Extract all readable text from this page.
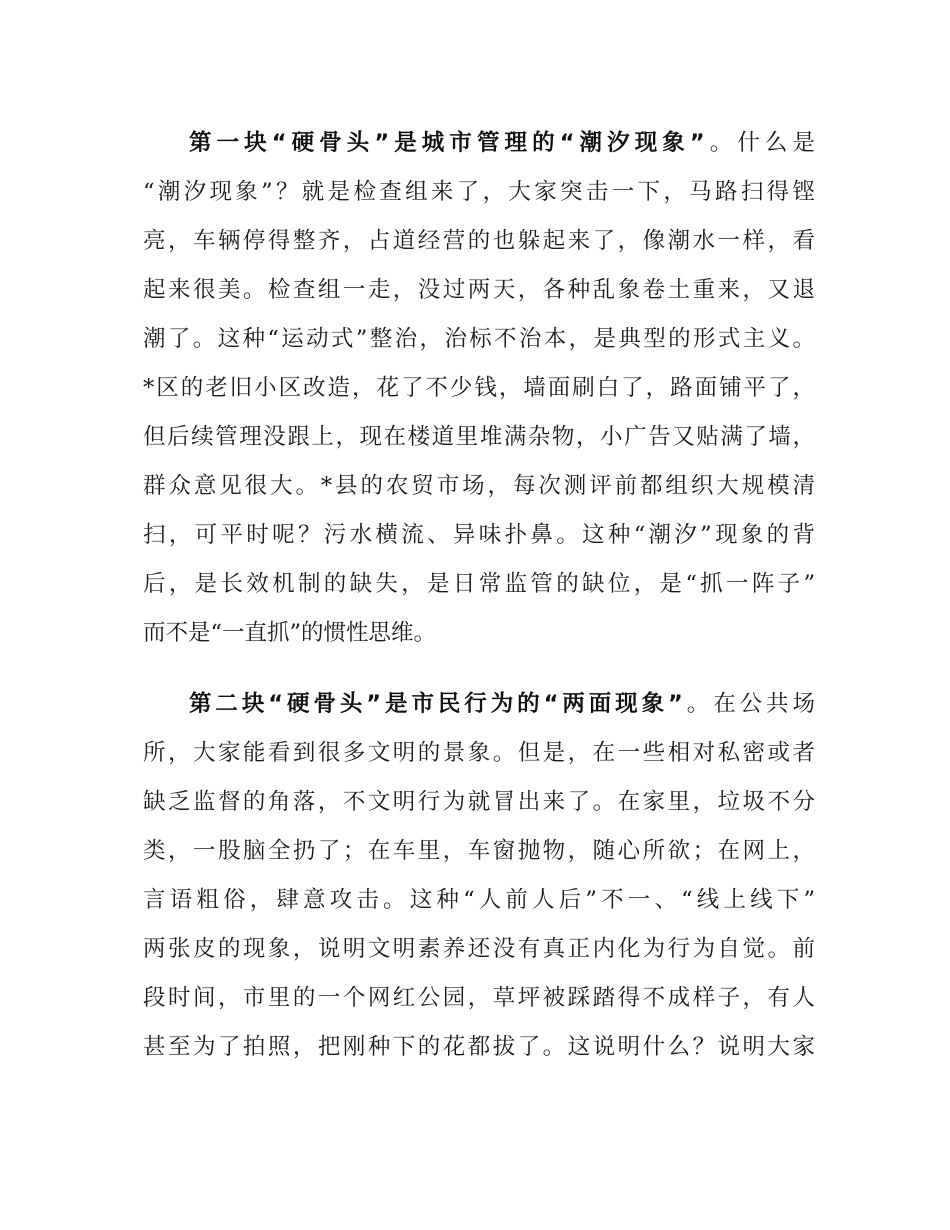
第一块“硬骨头”是城市管理的“潮汐现象”。什么是
“潮汐现象”？就是检查组来了，大家突击一下，马路扫得铿
亮，车辆停得整齐，占道经营的也躲起来了，像潮水一样，看
起来很美。检查组一走，没过两天，各种乱象卷土重来，又退
潮了。这种“运动式”整治，治标不治本，是典型的形式主义。
*区的老旧小区改造，花了不少钱，墙面刷白了，路面铺平了，
但后续管理没跟上，现在楼道里堆满杂物，小广告又贴满了墙，
群众意见很大。*县的农贸市场，每次测评前都组织大规模清
扫，可平时呢？污水横流、异味扑鼻。这种“潮汐”现象的背
后，是长效机制的缺失，是日常监管的缺位，是“抓一阵子”
而不是“一直抓”的惯性思维。
第二块“硬骨头”是市民行为的“两面现象”。在公共场
所，大家能看到很多文明的景象。但是，在一些相对私密或者
缺乏监督的角落，不文明行为就冒出来了。在家里，垃圾不分
类，一股脑全扔了；在车里，车窗抛物，随心所欲；在网上，
言语粗俗，肆意攻击。这种“人前人后”不一、“线上线下”
两张皮的现象，说明文明素养还没有真正内化为行为自觉。前
段时间，市里的一个网红公园，草坪被踩踏得不成样子，有人
甚至为了拍照，把刚种下的花都拔了。这说明什么？说明大家
